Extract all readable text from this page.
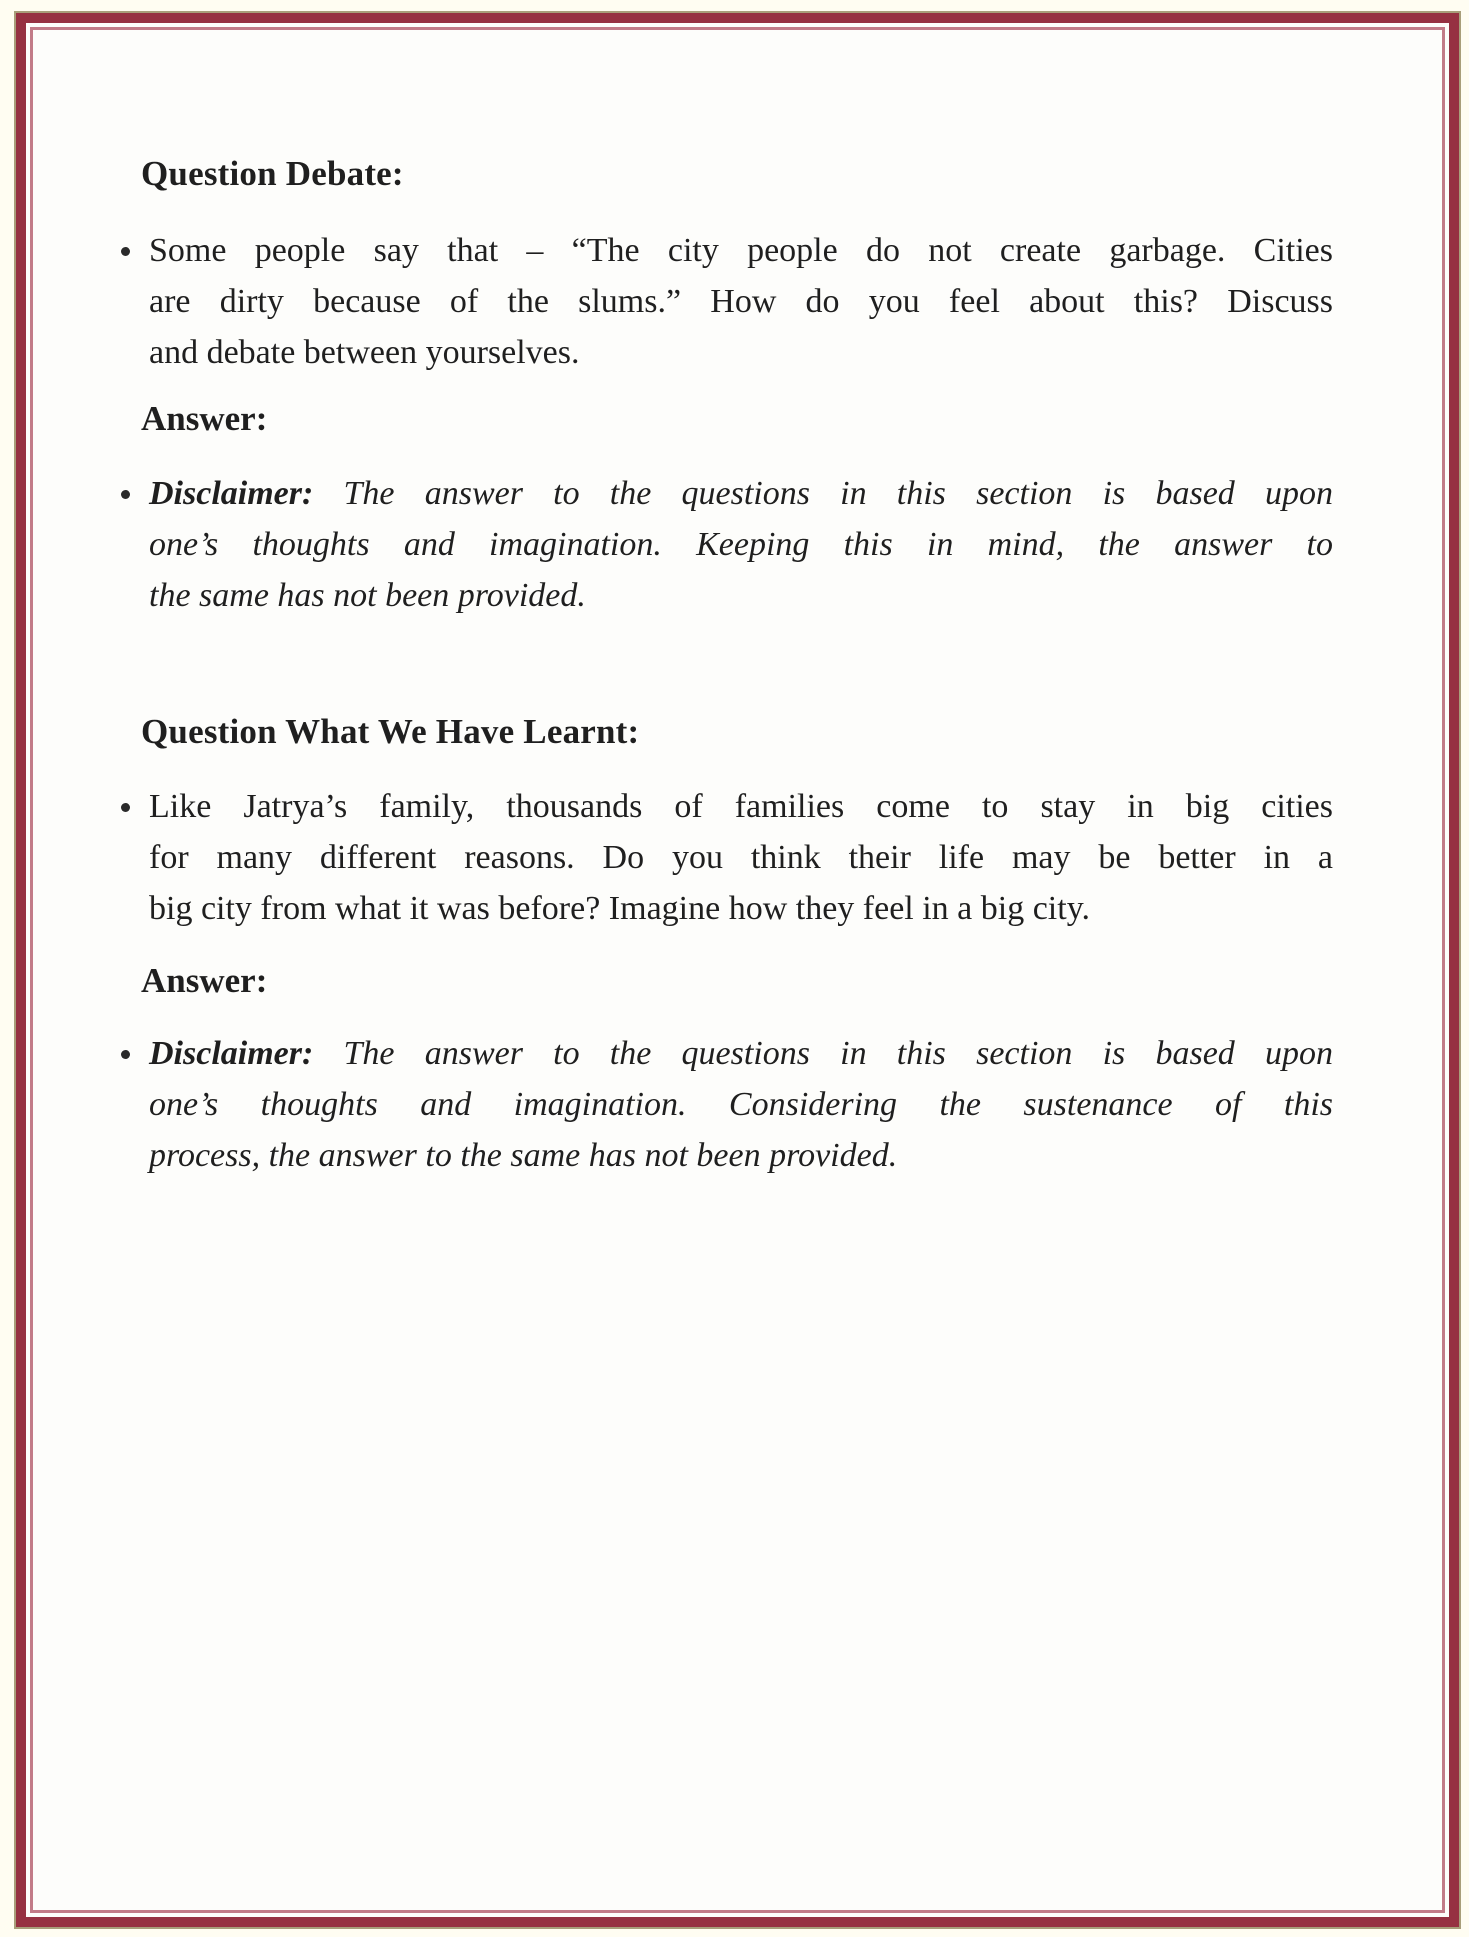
Question Debate:
Some people say that – “The city people do not create garbage. Cities
are dirty because of the slums.” How do you feel about this? Discuss
and debate between yourselves.
Answer:
Disclaimer: The answer to the questions in this section is based upon
one’s thoughts and imagination. Keeping this in mind, the answer to
the same has not been provided.
Question What We Have Learnt:
Like Jatrya’s family, thousands of families come to stay in big cities
for many different reasons. Do you think their life may be better in a
big city from what it was before? Imagine how they feel in a big city.
Answer:
Disclaimer: The answer to the questions in this section is based upon
one’s thoughts and imagination. Considering the sustenance of this
process, the answer to the same has not been provided.
